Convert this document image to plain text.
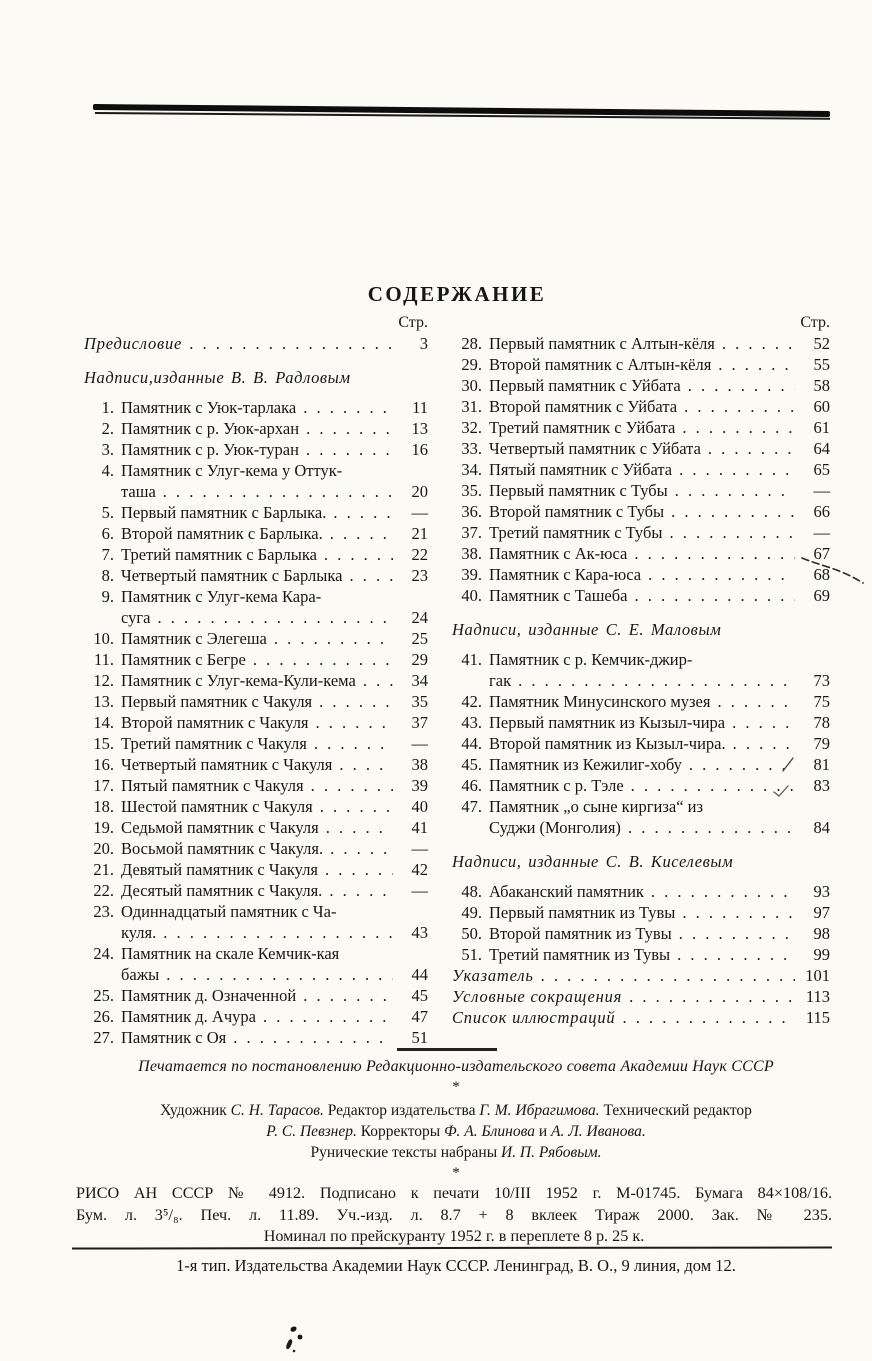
СОДЕРЖАНИЕ
Стр.
Предисловие . . .	3
Надписи,изданные В. В. Радловым
1. Памятник с Уюк-тарлака . . .	11
2. Памятник с р. Уюк-архан . . .	13
3. Памятник с р. Уюк-туран . . .	16
4. Памятник с Улуг-кема у Оттук-
таша . . .	20
5. Первый памятник с Барлыка. . . .	—
6. Второй памятник с Барлыка. . . .	21
7. Третий памятник с Барлыка . . .	22
8. Четвертый памятник с Барлыка . . .	23
9. Памятник с Улуг-кема Кара-
суга . . .	24
10. Памятник с Элегеша . . .	25
11. Памятник с Бегре . . .	29
12. Памятник с Улуг-кема-Кули-кема . . .	34
13. Первый памятник с Чакуля . . .	35
14. Второй памятник с Чакуля . . .	37
15. Третий памятник с Чакуля . . .	—
16. Четвертый памятник с Чакуля . . .	38
17. Пятый памятник с Чакуля . . .	39
18. Шестой памятник с Чакуля . . .	40
19. Седьмой памятник с Чакуля . . .	41
20. Восьмой памятник с Чакуля. . . .	—
21. Девятый памятник с Чакуля . . .	42
22. Десятый памятник с Чакуля. . . .	—
23. Одиннадцатый памятник с Ча-
куля. . . .	43
24. Памятник на скале Кемчик-кая
бажы . . .	44
25. Памятник д. Означенной . . .	45
26. Памятник д. Ачура . . .	47
27. Памятник с Оя . . .	51
Стр.
28. Первый памятник с Алтын-кёля . . .	52
29. Второй памятник с Алтын-кёля . . .	55
30. Первый памятник с Уйбата . . .	58
31. Второй памятник с Уйбата . . .	60
32. Третий памятник с Уйбата . . .	61
33. Четвертый памятник с Уйбата . . .	64
34. Пятый памятник с Уйбата . . .	65
35. Первый памятник с Тубы . . .	—
36. Второй памятник с Тубы . . .	66
37. Третий памятник с Тубы . . .	—
38. Памятник с Ак-юса . . .	67
39. Памятник с Кара-юса . . .	68
40. Памятник с Ташеба . . .	69
Надписи, изданные С. Е. Маловым
41. Памятник с р. Кемчик-джир-
гак . . .	73
42. Памятник Минусинского музея . . .	75
43. Первый памятник из Кызыл-чира . . .	78
44. Второй памятник из Кызыл-чира. . . .	79
45. Памятник из Кежилиг-хобу . . .	81
46. Памятник с р. Тэле . . .	83
47. Памятник „о сыне киргиза“ из
Суджи (Монголия) . . .	84
Надписи, изданные С. В. Киселевым
48. Абаканский памятник . . .	93
49. Первый памятник из Тувы . . .	97
50. Второй памятник из Тувы . . .	98
51. Третий памятник из Тувы . . .	99
Указатель . . .	101
Условные сокращения . . .	113
Список иллюстраций . . .	115
Печатается по постановлению Редакционно-издательского совета Академии Наук СССР
*
Художник С. Н. Тарасов. Редактор издательства Г. М. Ибрагимова. Технический редактор
Р. С. Певзнер. Корректоры Ф. А. Блинова и А. Л. Иванова.
Рунические тексты набраны И. П. Рябовым.
*
РИСО АН СССР № 4912. Подписано к печати 10/III 1952 г. М-01745. Бумага 84×108/16.
Бум. л. 3⁵/₈. Печ. л. 11.89. Уч.-изд. л. 8.7 + 8 вклеек Тираж 2000. Зак. № 235.
Номинал по прейскуранту 1952 г. в переплете 8 р. 25 к.
1-я тип. Издательства Академии Наук СССР. Ленинград, В. О., 9 линия, дом 12.
